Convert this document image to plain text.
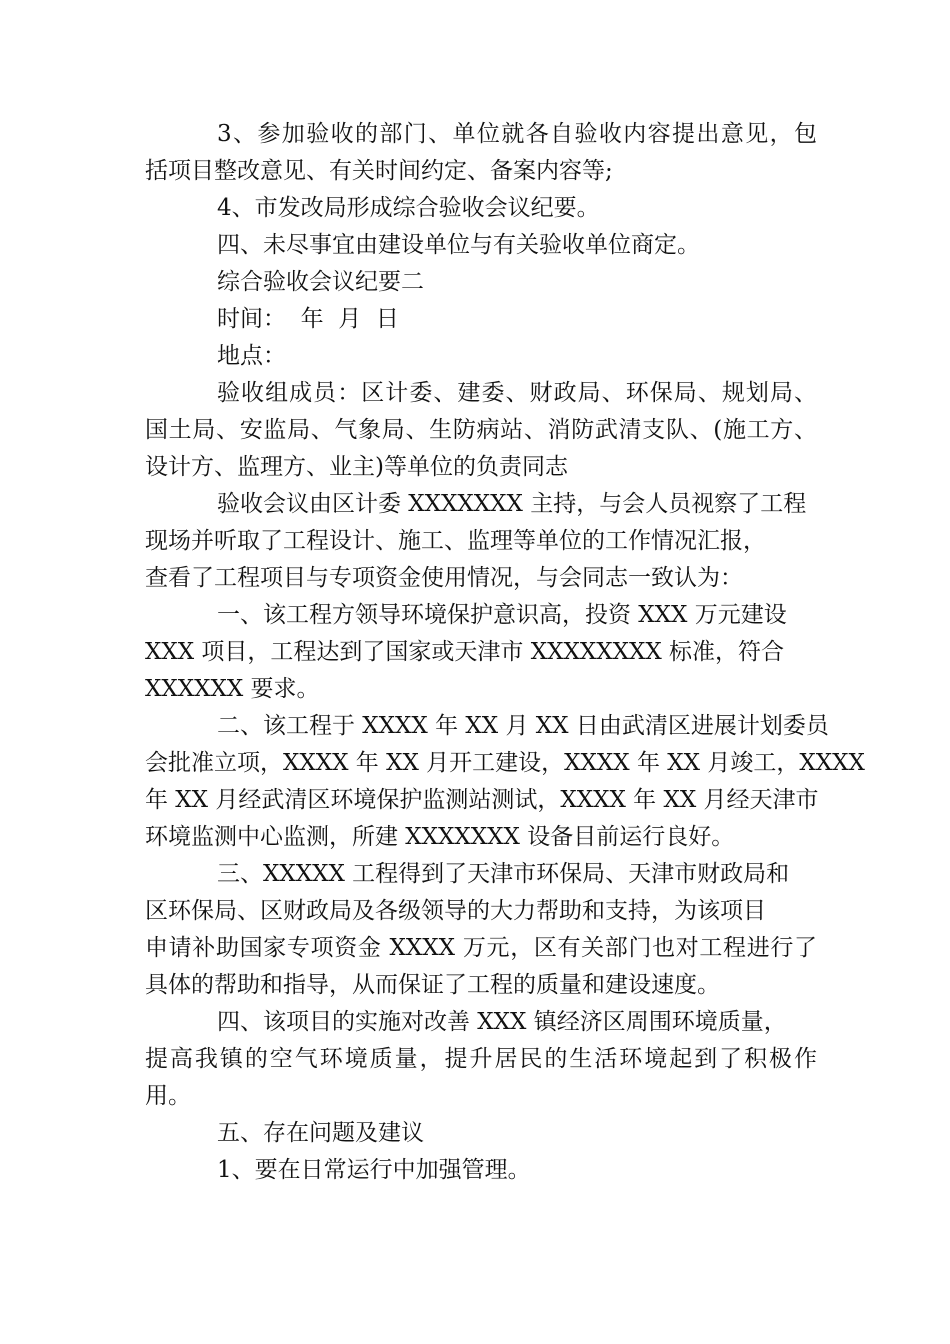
3、参加验收的部门、单位就各自验收内容提出意见，包
括项目整改意见、有关时间约定、备案内容等;
4、市发改局形成综合验收会议纪要。
四、未尽事宜由建设单位与有关验收单位商定。
综合验收会议纪要二
时间：  年  月  日
地点：
验收组成员：区计委、建委、财政局、环保局、规划局、
国土局、安监局、气象局、生防病站、消防武清支队、(施工方、
设计方、监理方、业主)等单位的负责同志
验收会议由区计委 XXXXXXX 主持，与会人员视察了工程
现场并听取了工程设计、施工、监理等单位的工作情况汇报，
查看了工程项目与专项资金使用情况，与会同志一致认为：
一、该工程方领导环境保护意识高，投资 XXX 万元建设
XXX 项目，工程达到了国家或天津市 XXXXXXXX 标准，符合
XXXXXX 要求。
二、该工程于 XXXX 年 XX 月 XX 日由武清区进展计划委员
会批准立项，XXXX 年 XX 月开工建设，XXXX 年 XX 月竣工，XXXX
年 XX 月经武清区环境保护监测站测试，XXXX 年 XX 月经天津市
环境监测中心监测，所建 XXXXXXX 设备目前运行良好。
三、XXXXX 工程得到了天津市环保局、天津市财政局和
区环保局、区财政局及各级领导的大力帮助和支持，为该项目
申请补助国家专项资金 XXXX 万元，区有关部门也对工程进行了
具体的帮助和指导，从而保证了工程的质量和建设速度。
四、该项目的实施对改善 XXX 镇经济区周围环境质量，
提高我镇的空气环境质量，提升居民的生活环境起到了积极作
用。
五、存在问题及建议
1、要在日常运行中加强管理。
